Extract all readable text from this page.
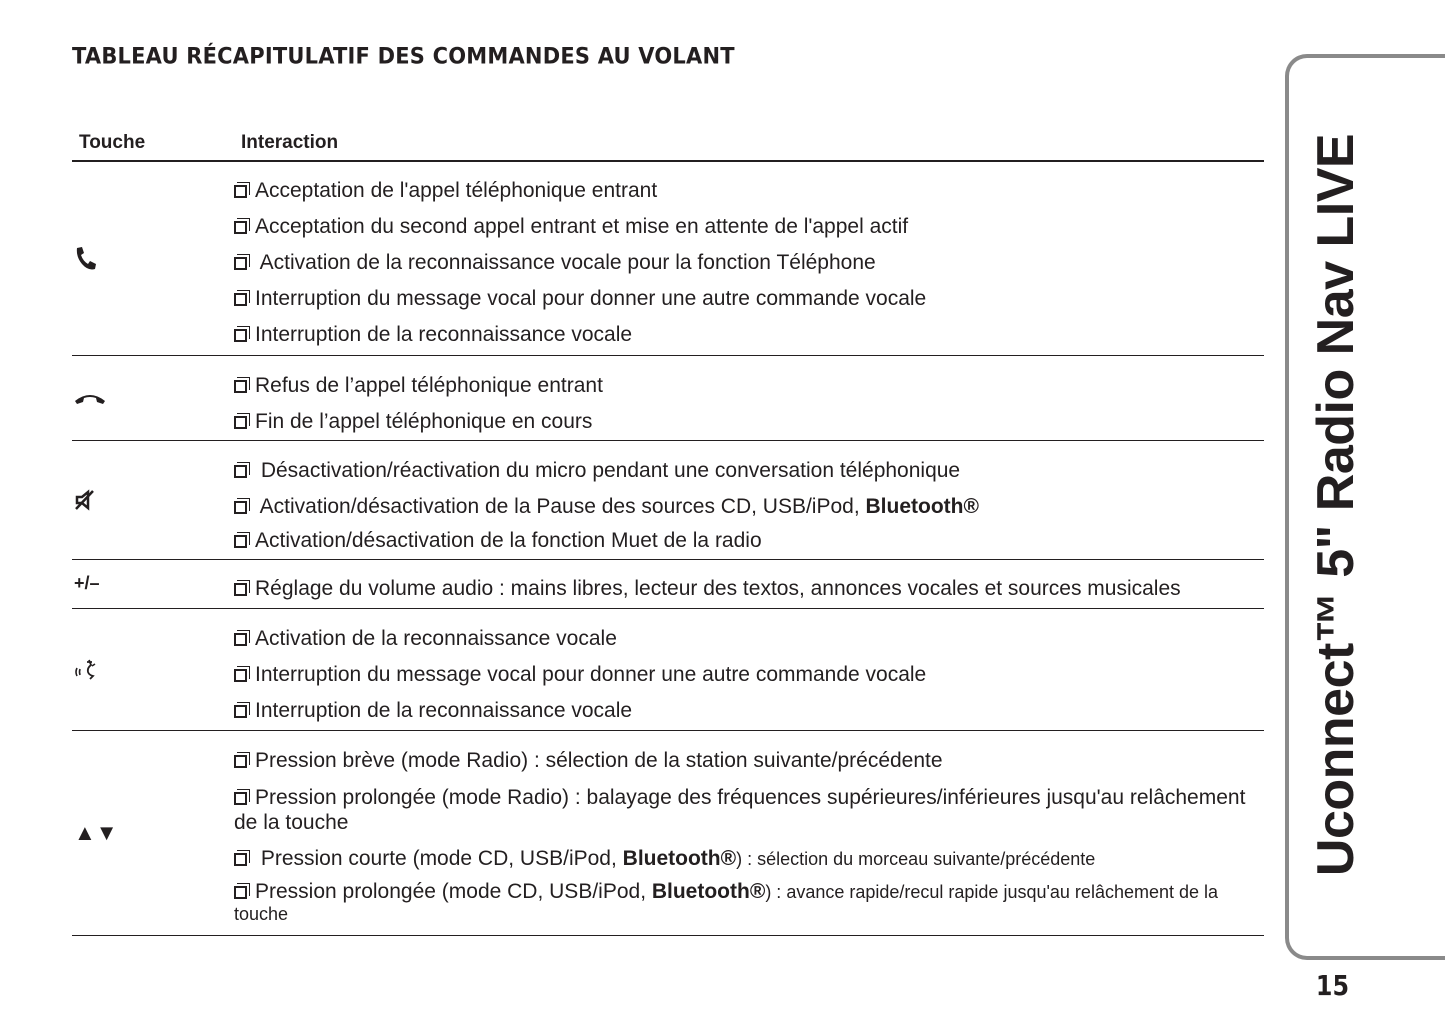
TABLEAU RÉCAPITULATIF DES COMMANDES AU VOLANT
Touche	Interaction
Acceptation de l'appel téléphonique entrant
Acceptation du second appel entrant et mise en attente de l'appel actif
Activation de la reconnaissance vocale pour la fonction Téléphone
Interruption du message vocal pour donner une autre commande vocale
Interruption de la reconnaissance vocale
Refus de l’appel téléphonique entrant
Fin de l’appel téléphonique en cours
Désactivation/réactivation du micro pendant une conversation téléphonique
Activation/désactivation de la Pause des sources CD, USB/iPod, Bluetooth®
Activation/désactivation de la fonction Muet de la radio
+/–	Réglage du volume audio : mains libres, lecteur des textos, annonces vocales et sources musicales
Activation de la reconnaissance vocale
Interruption du message vocal pour donner une autre commande vocale
Interruption de la reconnaissance vocale
▲▼
Pression brève (mode Radio) : sélection de la station suivante/précédente
Pression prolongée (mode Radio) : balayage des fréquences supérieures/inférieures jusqu'au relâchement
de la touche
Pression courte (mode CD, USB/iPod, Bluetooth®) : sélection du morceau suivante/précédente
Pression prolongée (mode CD, USB/iPod, Bluetooth®) : avance rapide/recul rapide jusqu'au relâchement de la
touche
Uconnect™ 5" Radio Nav LIVE
15
